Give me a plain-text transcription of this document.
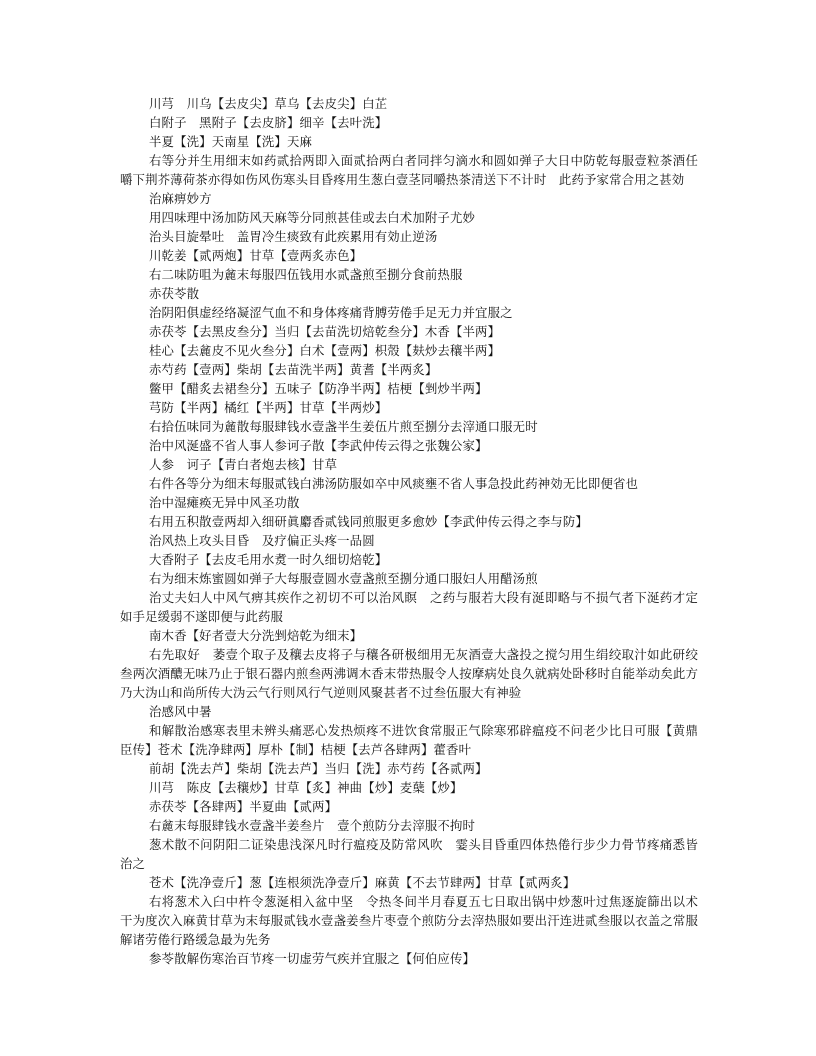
川芎　川乌【去皮尖】草乌【去皮尖】白芷
白附子　黑附子【去皮脐】细辛【去叶洗】
半夏【洗】天南星【洗】天麻
右等分并生用细末如药贰拾两即入面贰拾两白者同拌匀滴水和圆如弹子大日中防乾每服壹粒茶酒任嚼下荆芥薄荷茶亦得如伤风伤寒头目昏疼用生葱白壹茎同嚼热茶清送下不计时　此药予家常合用之甚効
治麻痹妙方
用四味理中汤加防风天麻等分同煎甚佳或去白术加附子尤妙
治头目旋晕吐　盖胃冷生痰致有此疾累用有効止逆汤
川乾姜【贰两炮】甘草【壹两炙赤色】
右二味防咀为麄末每服四伍钱用水贰盏煎至捌分食前热服
赤茯苓散
治阴阳俱虚经络凝涩气血不和身体疼痛背膊劳倦手足无力并宜服之
赤茯苓【去黑皮叁分】当归【去苗洗切焙乾叁分】木香【半两】
桂心【去麄皮不见火叁分】白术【壹两】枳殼【麸炒去穰半两】
赤芍药【壹两】柴胡【去苗洗半两】黄耆【半两炙】
鳖甲【醋炙去裙叁分】五味子【防净半两】桔梗【剉炒半两】
芎防【半两】橘红【半两】甘草【半两炒】
右拾伍味同为麄散每服肆钱水壹盏半生姜伍片煎至捌分去滓通口服无时
治中风涎盛不省人事人参诃子散【李武仲传云得之张魏公家】
人参　诃子【青白者炮去核】甘草
右件各等分为细末每服贰钱白沸汤防服如卒中风痰壅不省人事急投此药神効无比即便省也
治中湿瘫痪无异中风圣功散
右用五积散壹两却入细研眞麝香贰钱同煎服更多愈妙【李武仲传云得之李与防】
治风热上攻头目昏　及疗偏正头疼一品圆
大香附子【去皮毛用水煑一时久细切焙乾】
右为细末炼蜜圆如弹子大每服壹圆水壹盏煎至捌分通口服妇人用醋汤煎
治丈夫妇人中风气痹其疾作之初切不可以治风瞑　之药与服若大段有涎即略与不损气者下涎药才定如手足缓弱不遂即便与此药服
南木香【好者壹大分洗剉焙乾为细末】
右先取好　萎壹个取子及穰去皮将子与穰各研极细用无灰酒壹大盏投之搅匀用生绢绞取汁如此研绞叁两次酒醲无味乃止于银石器内煎叁两沸调木香末带热服令人按摩病处良久就病处卧移时自能举动矣此方乃大沩山和尚所传大沩云气行则风行气逆则风聚甚者不过叁伍服大有神验
治感风中暑
和解散治感寒表里未辨头痛恶心发热烦疼不进饮食常服正气除寒邪辟瘟疫不问老少比日可服【黄鼎臣传】苍术【洗净肆两】厚朴【制】桔梗【去芦各肆两】藿香叶
前胡【洗去芦】柴胡【洗去芦】当归【洗】赤芍药【各贰两】
川芎　陈皮【去穰炒】甘草【炙】神曲【炒】麦蘖【炒】
赤茯苓【各肆两】半夏曲【贰两】
右麄末每服肆钱水壹盏半姜叁片　壹个煎防分去滓服不拘时
葱术散不问阴阳二证染患浅深凡时行瘟疫及防常风吹　霎头目昏重四体热倦行步少力骨节疼痛悉皆治之
苍术【洗净壹斤】葱【连根须洗净壹斤】麻黄【不去节肆两】甘草【贰两炙】
右将葱术入臼中杵令葱涎相入盆中坚　令热冬间半月春夏五七日取出锅中炒葱叶过焦逐旋篩出以术干为度次入麻黄甘草为末每服贰钱水壹盏姜叁片枣壹个煎防分去滓热服如要出汗连进贰叁服以衣盖之常服解诸劳倦行路缓急最为先务
参苓散解伤寒治百节疼一切虚劳气疾并宜服之【何伯应传】
